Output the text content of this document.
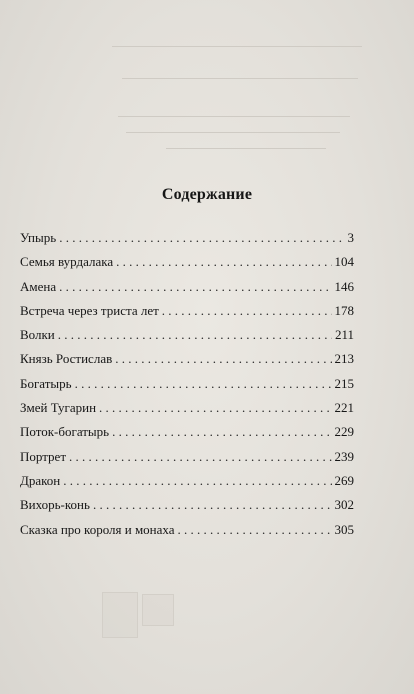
Содержание
Упырь . . .	3
Семья вурдалака . . .	104
Амена . . .	146
Встреча через триста лет . . .	178
Волки . . .	211
Князь Ростислав . . .	213
Богатырь . . .	215
Змей Тугарин . . .	221
Поток-богатырь . . .	229
Портрет . . .	239
Дракон . . .	269
Вихорь-конь . . .	302
Сказка про короля и монаха . . .	305
